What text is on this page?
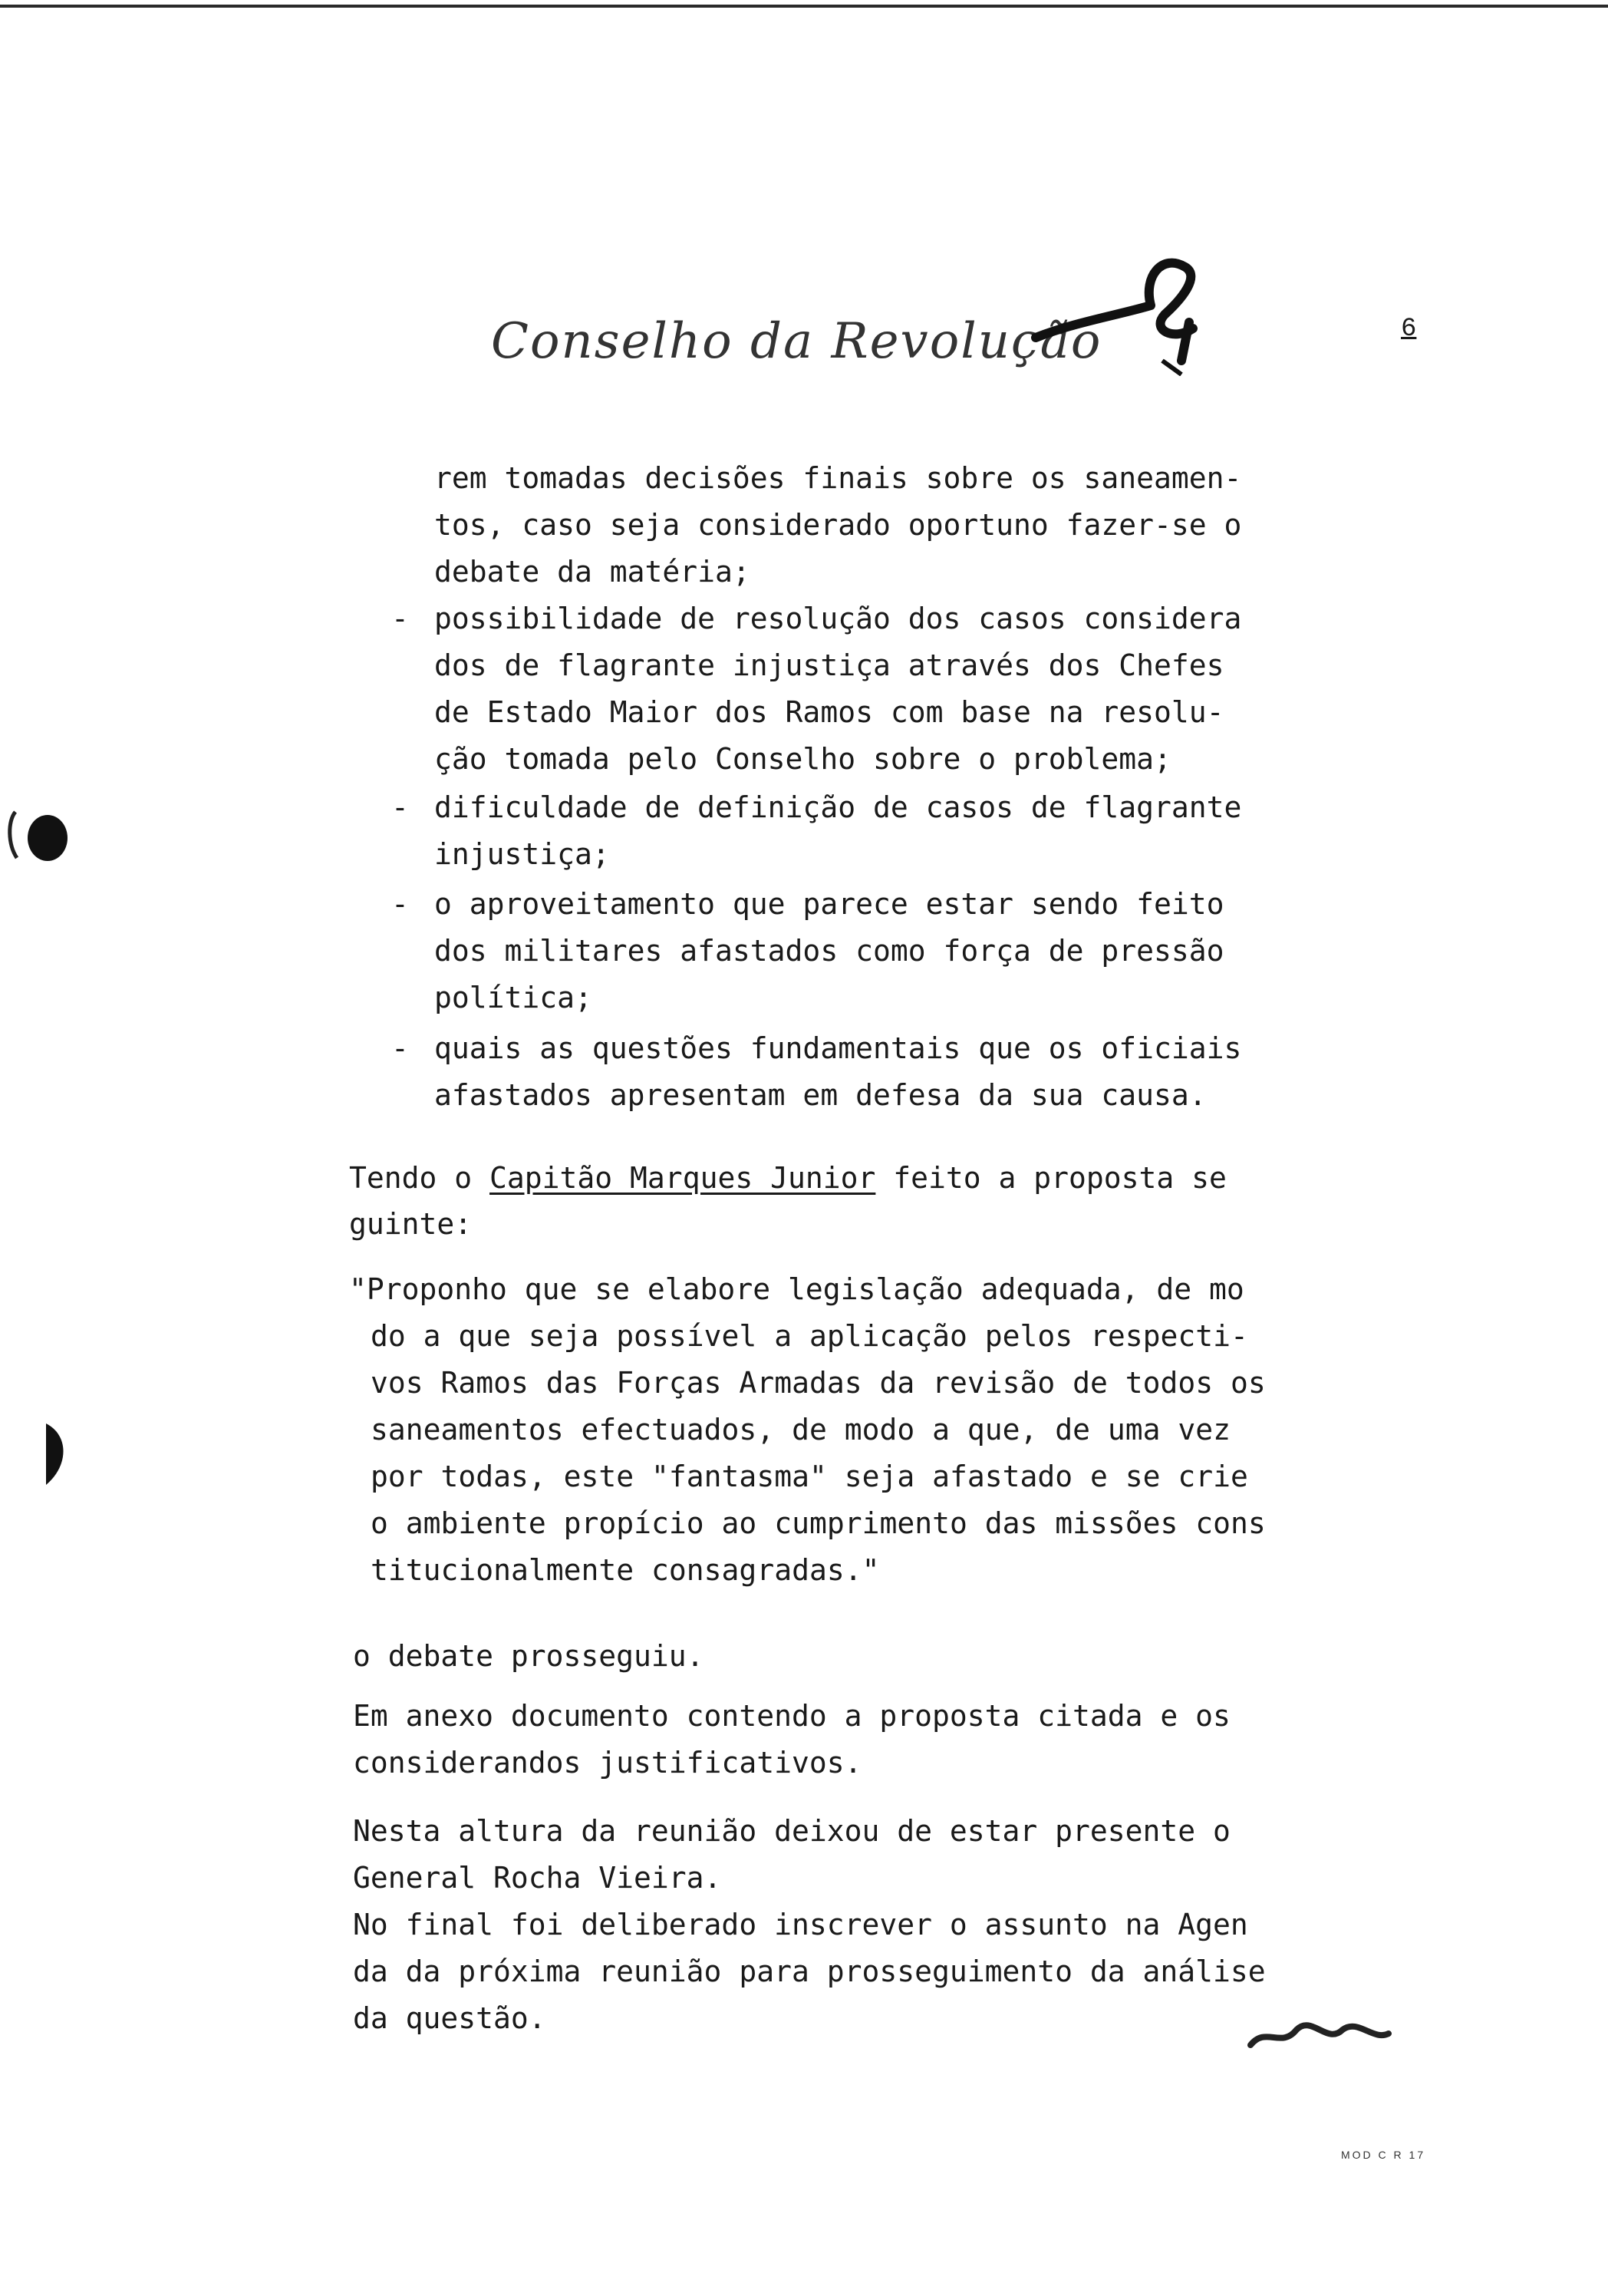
Conselho da Revolução	6
rem tomadas decisões finais sobre os saneamen-
tos, caso seja considerado oportuno fazer-se o
debate da matéria;
- possibilidade de resolução dos casos considera
dos de flagrante injustiça através dos Chefes
de Estado Maior dos Ramos com base na resolu-
ção tomada pelo Conselho sobre o problema;
- dificuldade de definição de casos de flagrante
injustiça;
- o aproveitamento que parece estar sendo feito
dos militares afastados como força de pressão
política;
- quais as questões fundamentais que os oficiais
afastados apresentam em defesa da sua causa.
Tendo o Capitão Marques Junior feito a proposta se
guinte:
"Proponho que se elabore legislação adequada, de mo
do a que seja possível a aplicação pelos respecti-
vos Ramos das Forças Armadas da revisão de todos os
saneamentos efectuados, de modo a que, de uma vez
por todas, este "fantasma" seja afastado e se crie
o ambiente propício ao cumprimento das missões cons
titucionalmente consagradas."
o debate prosseguiu.
Em anexo documento contendo a proposta citada e os
considerandos justificativos.
Nesta altura da reunião deixou de estar presente o
General Rocha Vieira.
No final foi deliberado inscrever o assunto na Agen
da da próxima reunião para prosseguimento da análise
da questão.
MOD C R 17
